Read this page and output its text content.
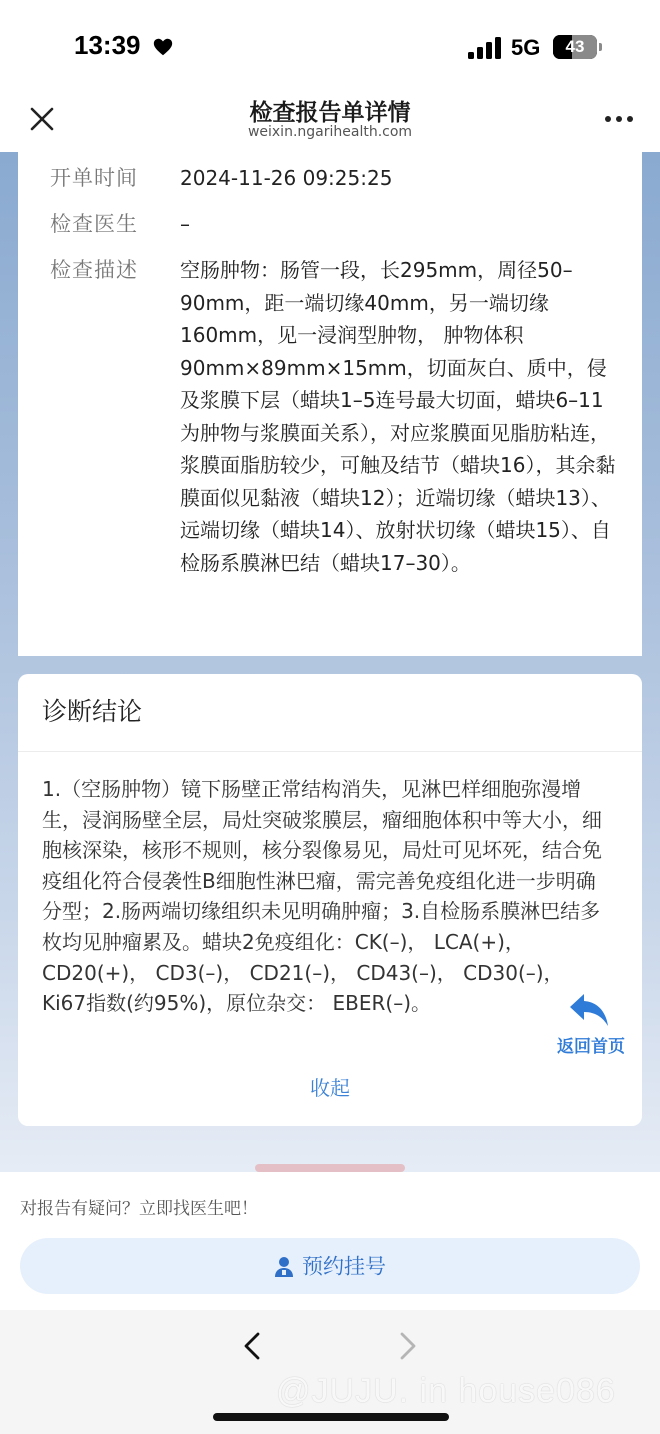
13:39	5G	43
检查报告单详情
weixin.ngarihealth.com
开单时间 2024-11-26 09:25:25
检查医生 –
检查描述 空肠肿物：肠管一段，长295mm，周径50–90mm，距一端切缘40mm，另一端切缘160mm，见一浸润型肿物， 肿物体积90mm×89mm×15mm，切面灰白、质中，侵及浆膜下层（蜡块1–5连号最大切面，蜡块6–11为肿物与浆膜面关系），对应浆膜面见脂肪粘连，浆膜面脂肪较少，可触及结节（蜡块16），其余黏膜面似见黏液（蜡块12）；近端切缘（蜡块13）、远端切缘（蜡块14）、放射状切缘（蜡块15）、自检肠系膜淋巴结（蜡块17–30）。
诊断结论
1.（空肠肿物）镜下肠壁正常结构消失，见淋巴样细胞弥漫增生，浸润肠壁全层，局灶突破浆膜层，瘤细胞体积中等大小，细胞核深染，核形不规则，核分裂像易见，局灶可见坏死，结合免疫组化符合侵袭性B细胞性淋巴瘤，需完善免疫组化进一步明确分型；2.肠两端切缘组织未见明确肿瘤；3.自检肠系膜淋巴结多枚均见肿瘤累及。蜡块2免疫组化：CK(–)， LCA(+)， CD20(+)， CD3(–)， CD21(–)， CD43(–)， CD30(–)， Ki67指数(约95%)，原位杂交： EBER(–)。
收起
返回首页
对报告有疑问？立即找医生吧！
预约挂号
@JUJU. in house086
